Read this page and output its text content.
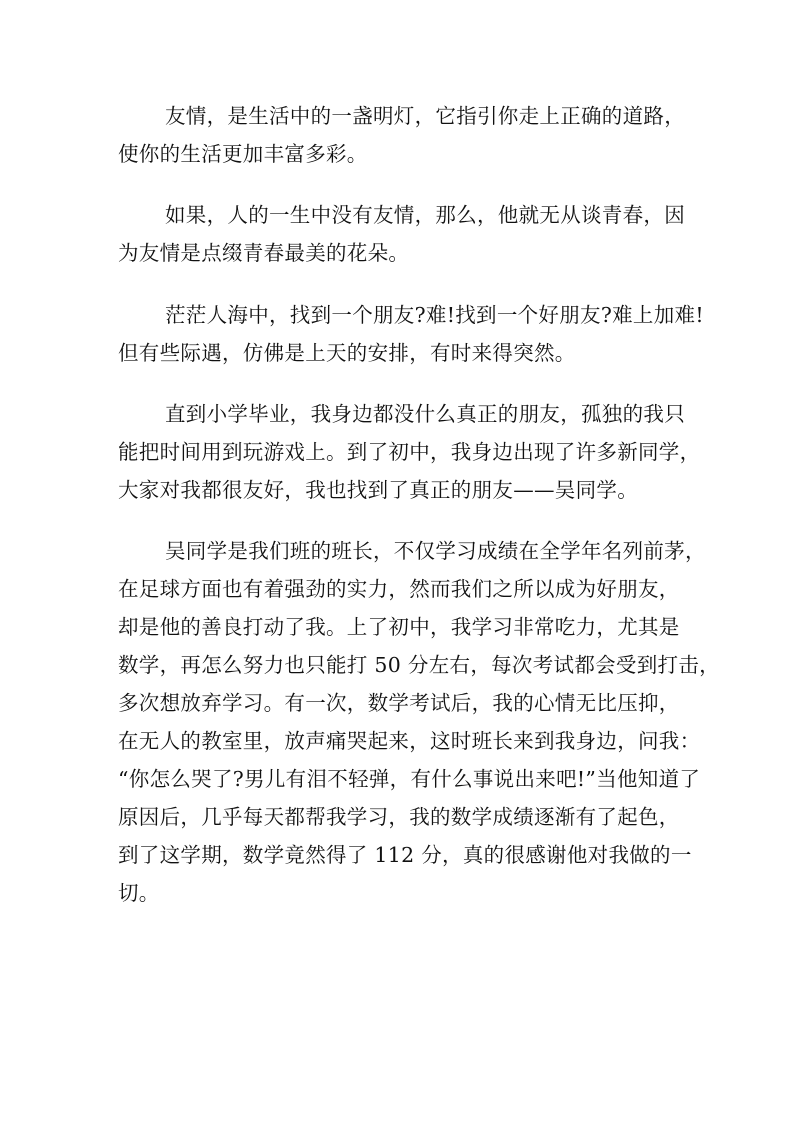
友情，是生活中的一盏明灯，它指引你走上正确的道路，
使你的生活更加丰富多彩。
如果，人的一生中没有友情，那么，他就无从谈青春，因
为友情是点缀青春最美的花朵。
茫茫人海中，找到一个朋友?难!找到一个好朋友?难上加难!
但有些际遇，仿佛是上天的安排，有时来得突然。
直到小学毕业，我身边都没什么真正的朋友，孤独的我只
能把时间用到玩游戏上。到了初中，我身边出现了许多新同学，
大家对我都很友好，我也找到了真正的朋友——吴同学。
吴同学是我们班的班长，不仅学习成绩在全学年名列前茅，
在足球方面也有着强劲的实力，然而我们之所以成为好朋友，
却是他的善良打动了我。上了初中，我学习非常吃力，尤其是
数学，再怎么努力也只能打 50 分左右，每次考试都会受到打击，
多次想放弃学习。有一次，数学考试后，我的心情无比压抑，
在无人的教室里，放声痛哭起来，这时班长来到我身边，问我：
“你怎么哭了?男儿有泪不轻弹，有什么事说出来吧!”当他知道了
原因后，几乎每天都帮我学习，我的数学成绩逐渐有了起色，
到了这学期，数学竟然得了 112 分，真的很感谢他对我做的一
切。
